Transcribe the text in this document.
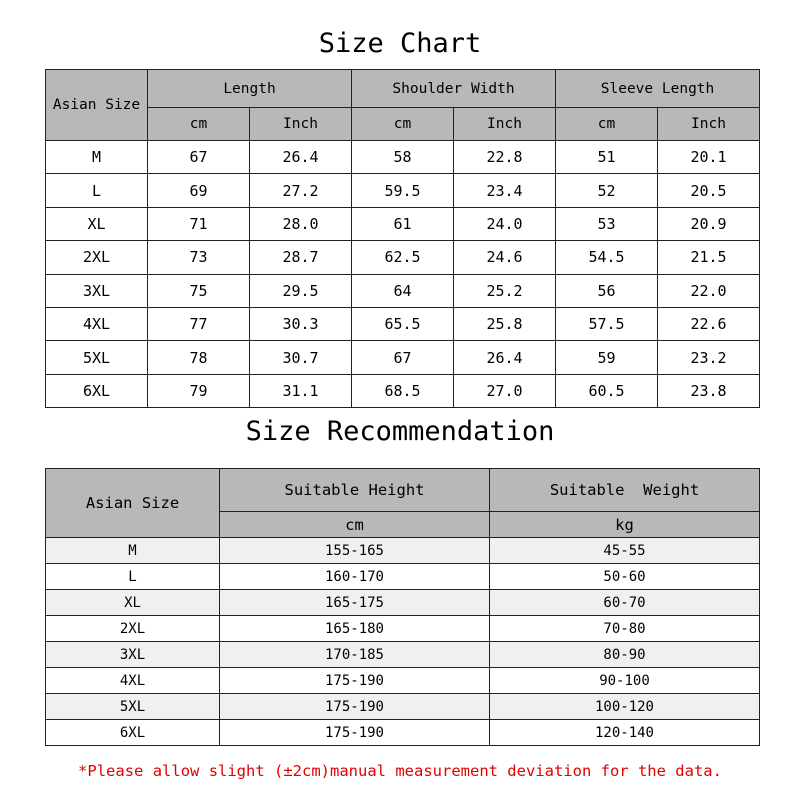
Size Chart
Asian Size	Length		Shoulder Width		Sleeve Length	
	cm	Inch	cm	Inch	cm	Inch
M	67	26.4	58	22.8	51	20.1
L	69	27.2	59.5	23.4	52	20.5
XL	71	28.0	61	24.0	53	20.9
2XL	73	28.7	62.5	24.6	54.5	21.5
3XL	75	29.5	64	25.2	56	22.0
4XL	77	30.3	65.5	25.8	57.5	22.6
5XL	78	30.7	67	26.4	59	23.2
6XL	79	31.1	68.5	27.0	60.5	23.8
Size Recommendation
Asian Size	Suitable Height	Suitable  Weight
	cm	kg
M	155-165	45-55
L	160-170	50-60
XL	165-175	60-70
2XL	165-180	70-80
3XL	170-185	80-90
4XL	175-190	90-100
5XL	175-190	100-120
6XL	175-190	120-140
*Please allow slight (±2cm)manual measurement deviation for the data.
